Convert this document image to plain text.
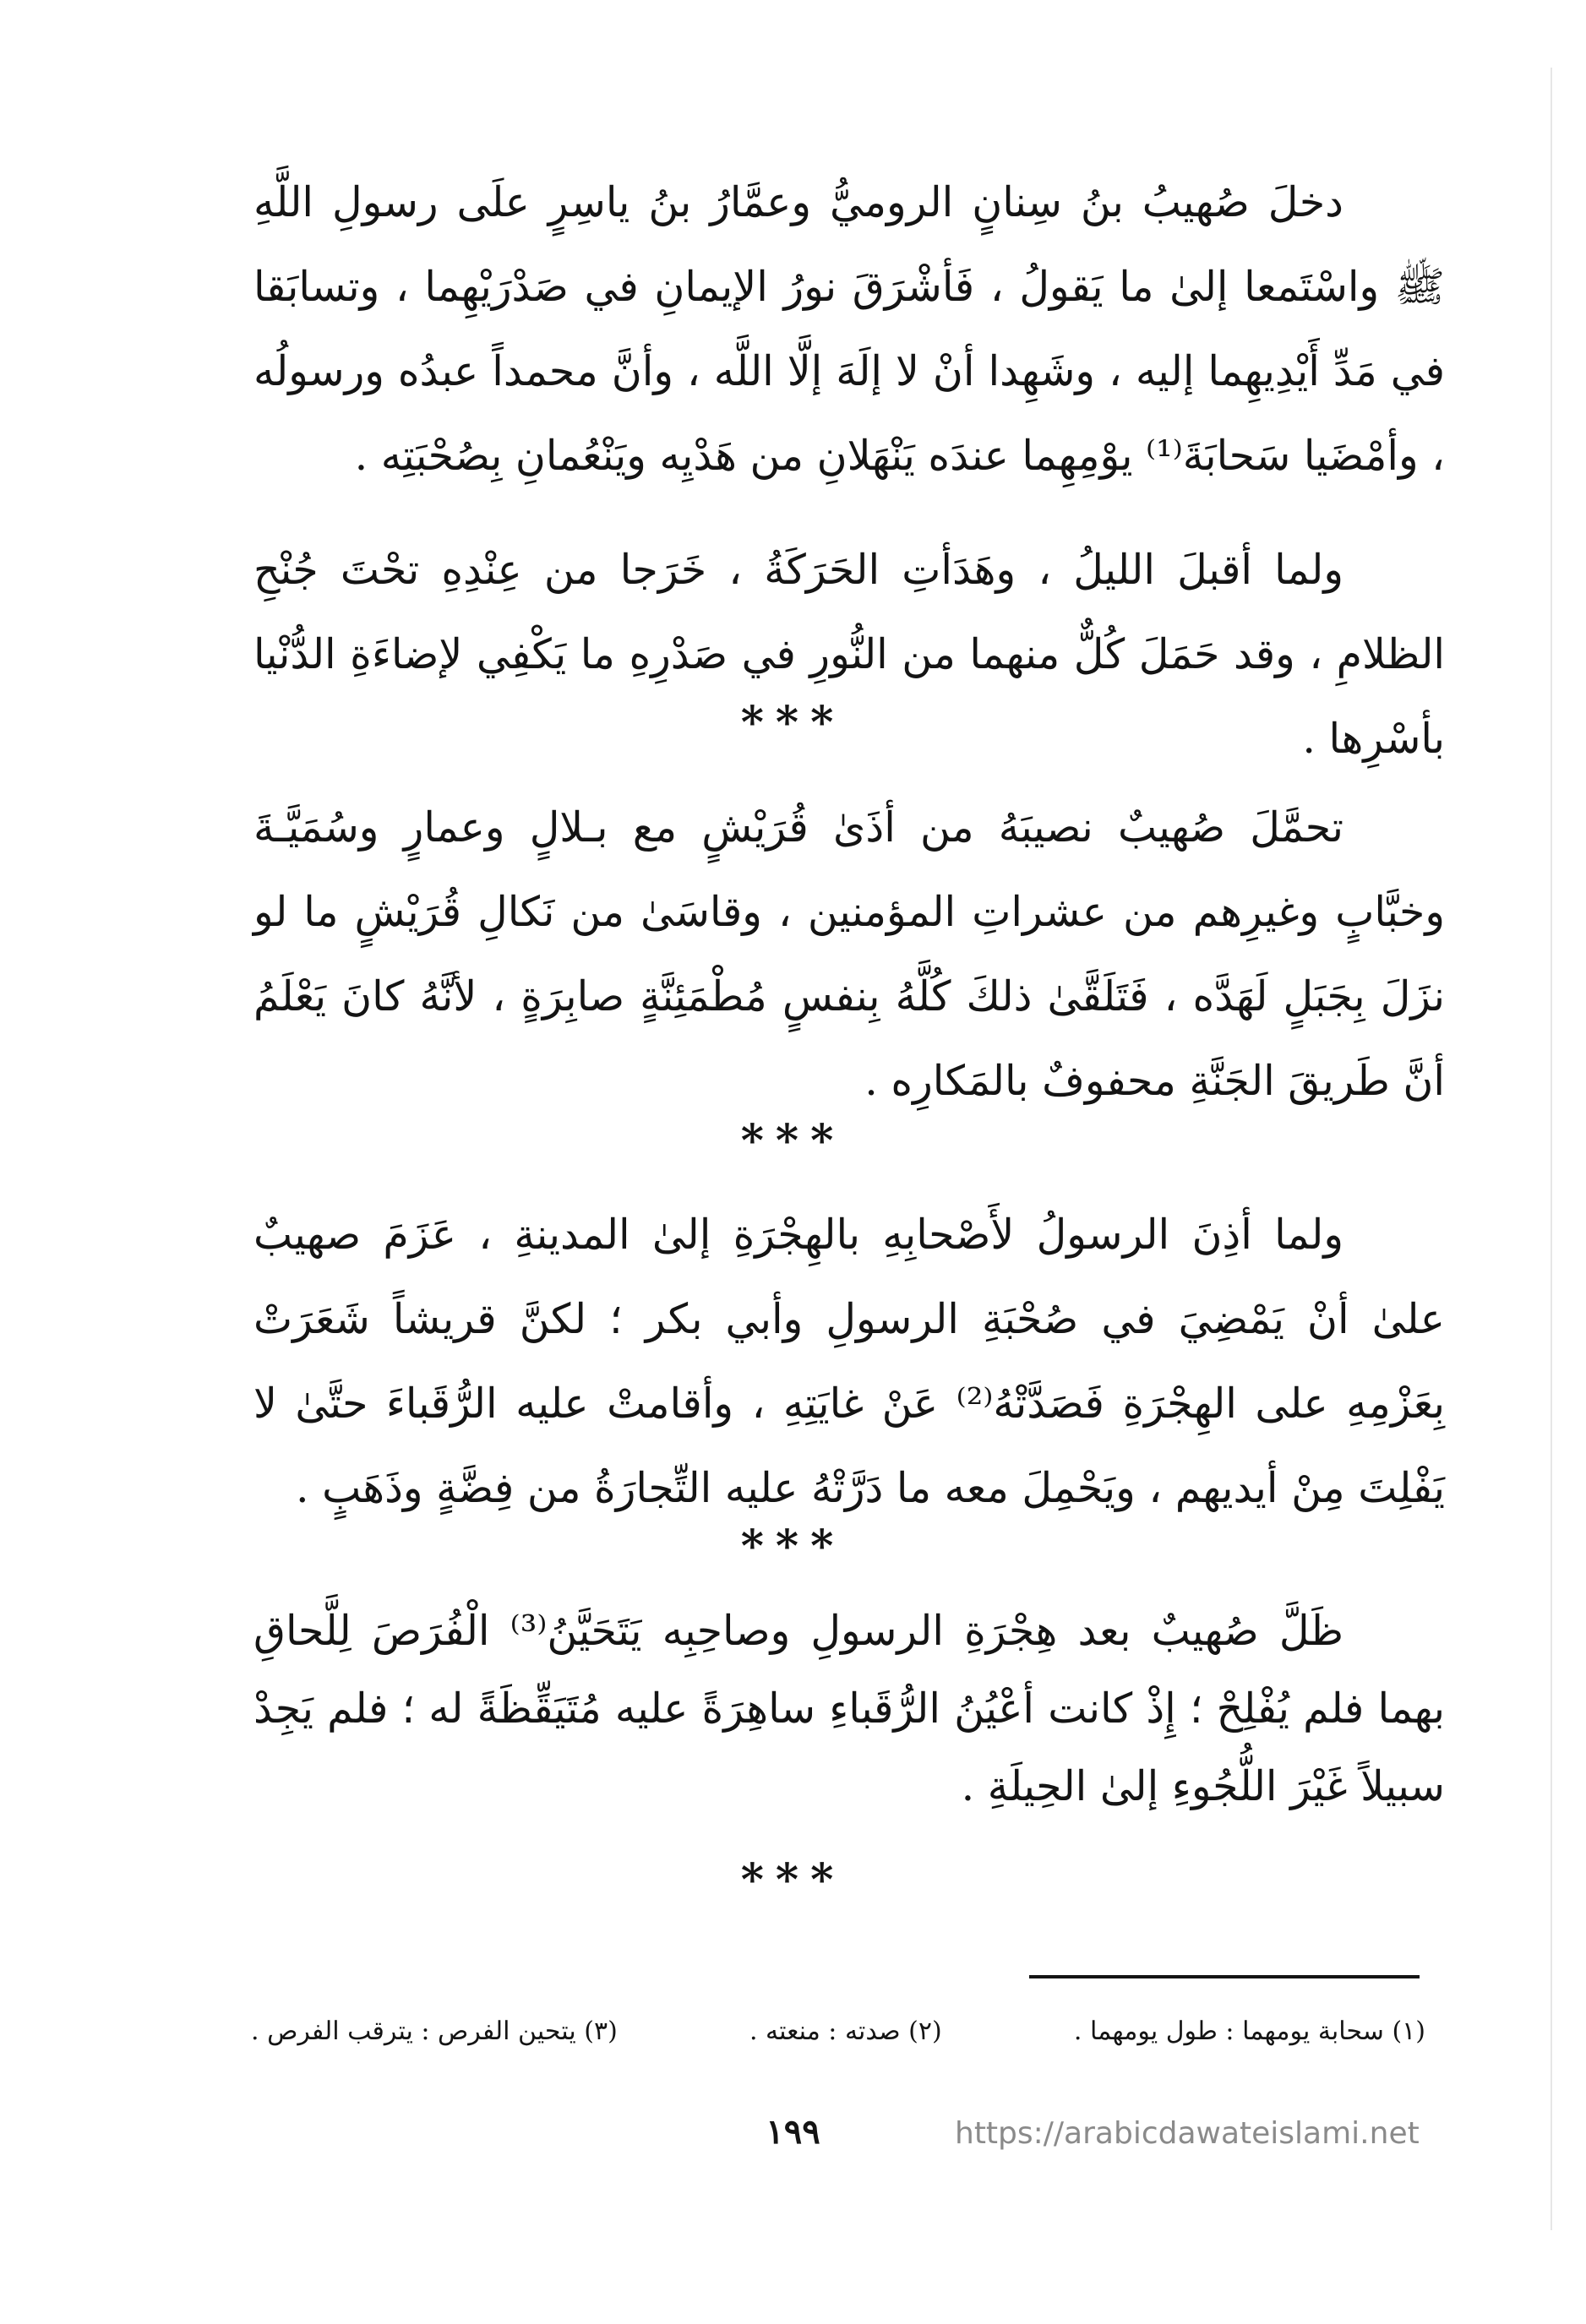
دخلَ صُهيبُ بنُ سِنانٍ الروميُّ وعمَّارُ بنُ ياسِرٍ علَى رسولِ اللَّهِ ﷺ واسْتَمعا إلىٰ ما يَقولُ ، فَأشْرَقَ نورُ الإيمانِ في صَدْرَيْهِما ، وتسابَقا في مَدِّ أَيْدِيهِما إليه ، وشَهِدا أنْ لا إلَهَ إلَّا اللَّه ، وأنَّ محمداً عبدُه ورسولُه ، وأمْضَيا سَحابَةَ⁽¹⁾ يوْمِهِما عندَه يَنْهَلانِ من هَدْيِه ويَنْعُمانِ بِصُحْبَتِه .

ولما أقبلَ الليلُ ، وهَدَأتِ الحَرَكَةُ ، خَرَجا من عِنْدِهِ تحْتَ جُنْحِ الظلامِ ، وقد حَمَلَ كُلٌّ منهما من النُّورِ في صَدْرِهِ ما يَكْفِي لإضاءَةِ الدُّنْيا بأسْرِها .

***

تحمَّلَ صُهيبٌ نصيبَهُ من أذَىٰ قُرَيْشٍ مع بـلالٍ وعمارٍ وسُمَيَّـةَ وخبَّابٍ وغيرِهم من عشراتِ المؤمنين ، وقاسَىٰ من نَكالِ قُرَيْشٍ ما لو نزَلَ بِجَبَلٍ لَهَدَّه ، فَتَلَقَّىٰ ذلكَ كُلَّهُ بِنفسٍ مُطْمَئِنَّةٍ صابِرَةٍ ، لأنَّهُ كانَ يَعْلَمُ أنَّ طَريقَ الجَنَّةِ محفوفٌ بالمَكارِه .

***

ولما أذِنَ الرسولُ لأَصْحابِهِ بالهِجْرَةِ إلىٰ المدينةِ ، عَزَمَ صهيبٌ علىٰ أنْ يَمْضِيَ في صُحْبَةِ الرسولِ وأبي بكر ؛ لكنَّ قريشاً شَعَرَتْ بِعَزْمِهِ على الهِجْرَةِ فَصَدَّتْهُ⁽²⁾ عَنْ غايَتِهِ ، وأقامتْ عليه الرُّقَباءَ حتَّىٰ لا يَفْلِتَ مِنْ أيديهم ، ويَحْمِلَ معه ما دَرَّتْهُ عليه التِّجارَةُ من فِضَّةٍ وذَهَبٍ .

***

ظَلَّ صُهيبٌ بعد هِجْرَةِ الرسولِ وصاحِبِه يَتَحَيَّنُ⁽³⁾ الْفُرَصَ لِلَّحاقِ بهما فلم يُفْلِحْ ؛ إِذْ كانت أعْيُنُ الرُّقَباءِ ساهِرَةً عليه مُتَيَقِّظَةً له ؛ فلم يَجِدْ سبيلاً غَيْرَ اللُّجُوءِ إلىٰ الحِيلَةِ .

***
(١) سحابة يومهما : طول يومهما .
(٢) صدته : منعته .
(٣) يتحين الفرص : يترقب الفرص .
١٩٩	https://arabicdawateislami.net
